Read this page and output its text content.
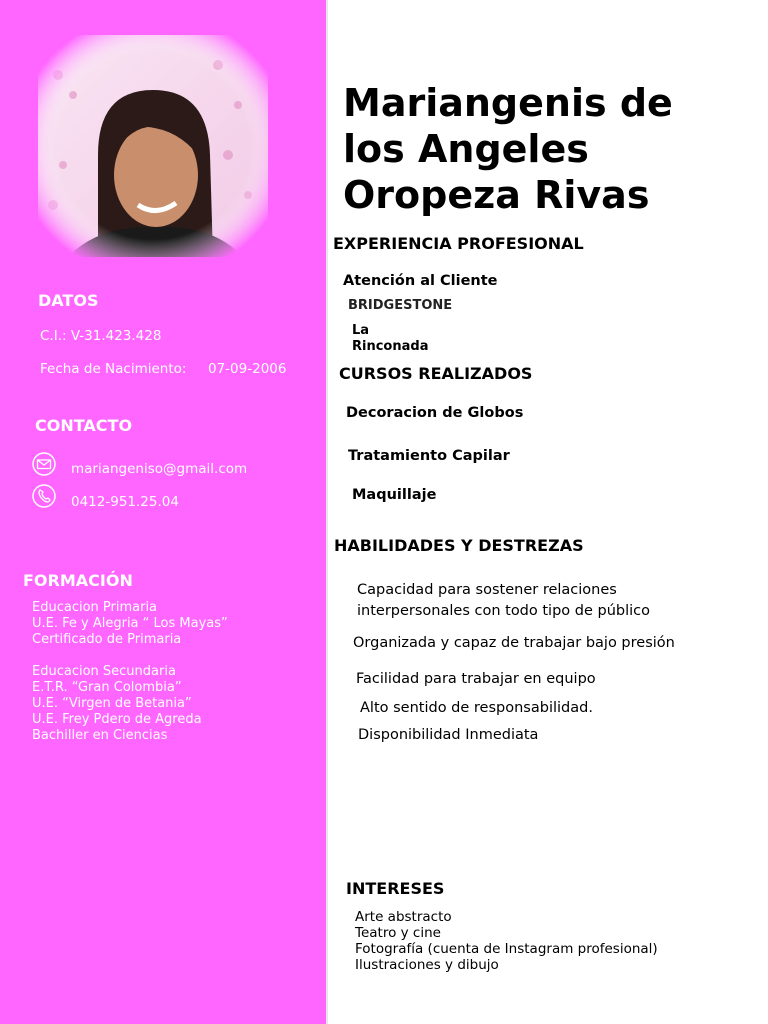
Mariangenis de
los Angeles
Oropeza Rivas
DATOS
C.I.: V-31.423.428
Fecha de Nacimiento: 07-09-2006
CONTACTO
mariangeniso@gmail.com
0412-951.25.04
FORMACIÓN
Educacion Primaria
U.E. Fe y Alegria “ Los Mayas”
Certificado de Primaria
Educacion Secundaria
E.T.R. “Gran Colombia”
U.E. “Virgen de Betania”
U.E. Frey Pdero de Agreda
Bachiller en Ciencias
EXPERIENCIA PROFESIONAL
Atención al Cliente
BRIDGESTONE
La
Rinconada
CURSOS REALIZADOS
Decoracion de Globos
Tratamiento Capilar
Maquillaje
HABILIDADES Y DESTREZAS
Capacidad para sostener relaciones
interpersonales con todo tipo de público
Organizada y capaz de trabajar bajo presión
Facilidad para trabajar en equipo
Alto sentido de responsabilidad.
Disponibilidad Inmediata
INTERESES
Arte abstracto
Teatro y cine
Fotografía (cuenta de Instagram profesional)
Ilustraciones y dibujo
